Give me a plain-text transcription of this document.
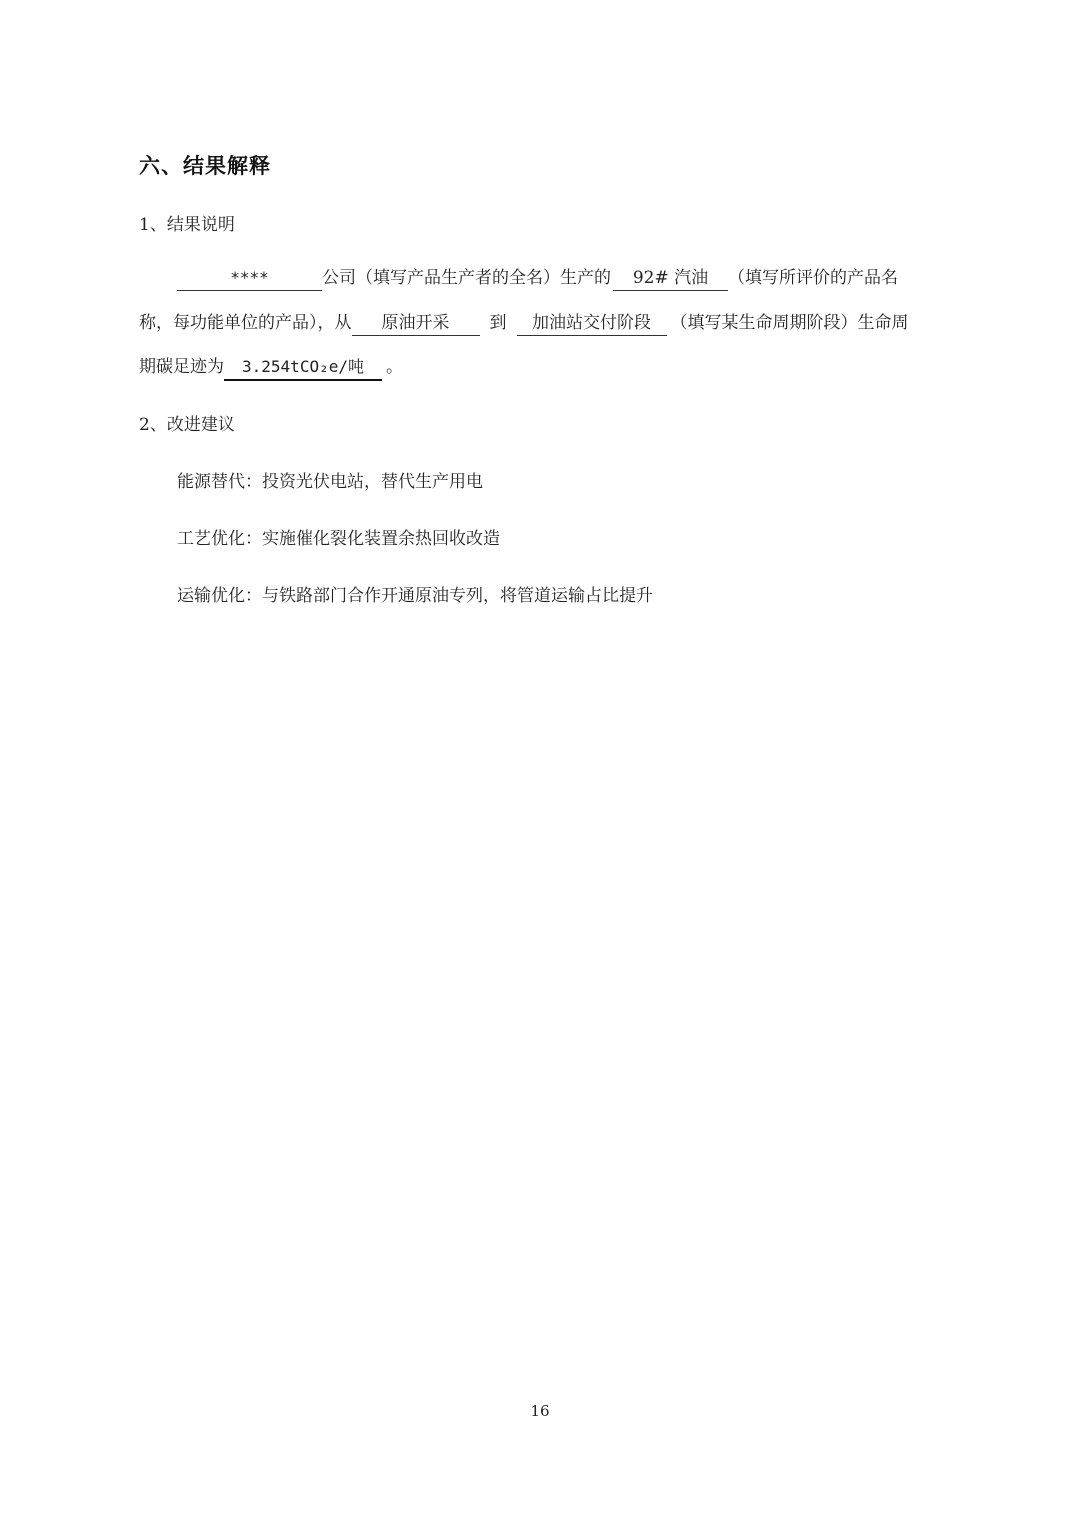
六、结果解释
1、结果说明
****	公司（填写产品生产者的全名）生产的 92# 汽油 （填写所评价的产品名
称，每功能单位的产品），从 原油开采 到 加油站交付阶段 （填写某生命周期阶段）生命周
期碳足迹为 3.254tCO₂e/吨 。
2、改进建议
能源替代：投资光伏电站，替代生产用电
工艺优化：实施催化裂化装置余热回收改造
运输优化：与铁路部门合作开通原油专列，将管道运输占比提升
16
